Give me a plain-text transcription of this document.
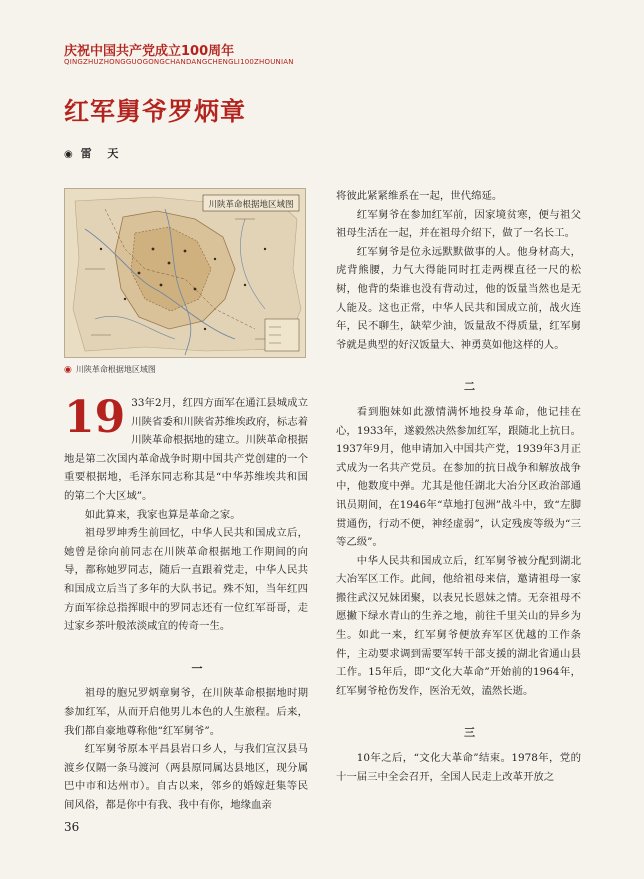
庆祝中国共产党成立100周年
QINGZHUZHONGGUOGONGCHANDANGCHENGLI100ZHOUNIAN
红军舅爷罗炳章
◉ 雷 天
川陕革命根据地区域图
◉ 川陕革命根据地区域图
19 33年2月，红四方面军在通江县城成立川陕省委和川陕省苏维埃政府，标志着川陕革命根据地的建立。川陕革命根据地是第二次国内革命战争时期中国共产党创建的一个重要根据地，毛泽东同志称其是“中华苏维埃共和国的第二个大区域”。

如此算来，我家也算是革命之家。

祖母罗坤秀生前回忆，中华人民共和国成立后，她曾是徐向前同志在川陕革命根据地工作期间的向导，都称她罗同志，随后一直跟着党走，中华人民共和国成立后当了多年的大队书记。殊不知，当年红四方面军徐总指挥眼中的罗同志还有一位红军哥哥，走过家乡茶叶般浓淡咸宜的传奇一生。

一

祖母的胞兄罗炳章舅爷，在川陕革命根据地时期参加红军，从而开启他男儿本色的人生旅程。后来，我们都自豪地尊称他“红军舅爷”。

红军舅爷原本平昌县岩口乡人，与我们宣汉县马渡乡仅隔一条马渡河（两县原同属达县地区，现分属巴中市和达州市）。自古以来，邻乡的婚嫁赶集等民间风俗，都是你中有我、我中有你，地缘血亲

将彼此紧紧维系在一起，世代绵延。

红军舅爷在参加红军前，因家境贫寒，便与祖父祖母生活在一起，并在祖母介绍下，做了一名长工。

红军舅爷是位永远默默做事的人。他身材高大，虎背熊腰，力气大得能同时扛走两棵直径一尺的松树，他背的柴谁也没有背动过，他的饭量当然也是无人能及。这也正常，中华人民共和国成立前，战火连年，民不聊生，缺荤少油，饭量敌不得质量，红军舅爷就是典型的好汉饭量大、神勇莫如他这样的人。

二

看到胞妹如此激情满怀地投身革命，他记挂在心，1933年，遂毅然决然参加红军，跟随北上抗日。1937年9月，他申请加入中国共产党，1939年3月正式成为一名共产党员。在参加的抗日战争和解放战争中，他数度中弹。尤其是他任湖北大冶分区政治部通讯员期间，在1946年“草地打包洲”战斗中，致“左脚贯通伤，行动不便，神经虚弱”，认定残废等级为“三等乙级”。

中华人民共和国成立后，红军舅爷被分配到湖北大冶军区工作。此间，他给祖母来信，邀请祖母一家搬往武汉兄妹团聚，以表兄长恩妹之情。无奈祖母不愿撇下绿水青山的生养之地，前往千里关山的异乡为生。如此一来，红军舅爷便放弃军区优越的工作条件，主动要求调到需要军转干部支援的湖北省通山县工作。15年后，即“文化大革命”开始前的1964年，红军舅爷枪伤发作，医治无效，溘然长逝。

三

10年之后，“文化大革命”结束。1978年，党的十一届三中全会召开，全国人民走上改革开放之

36
